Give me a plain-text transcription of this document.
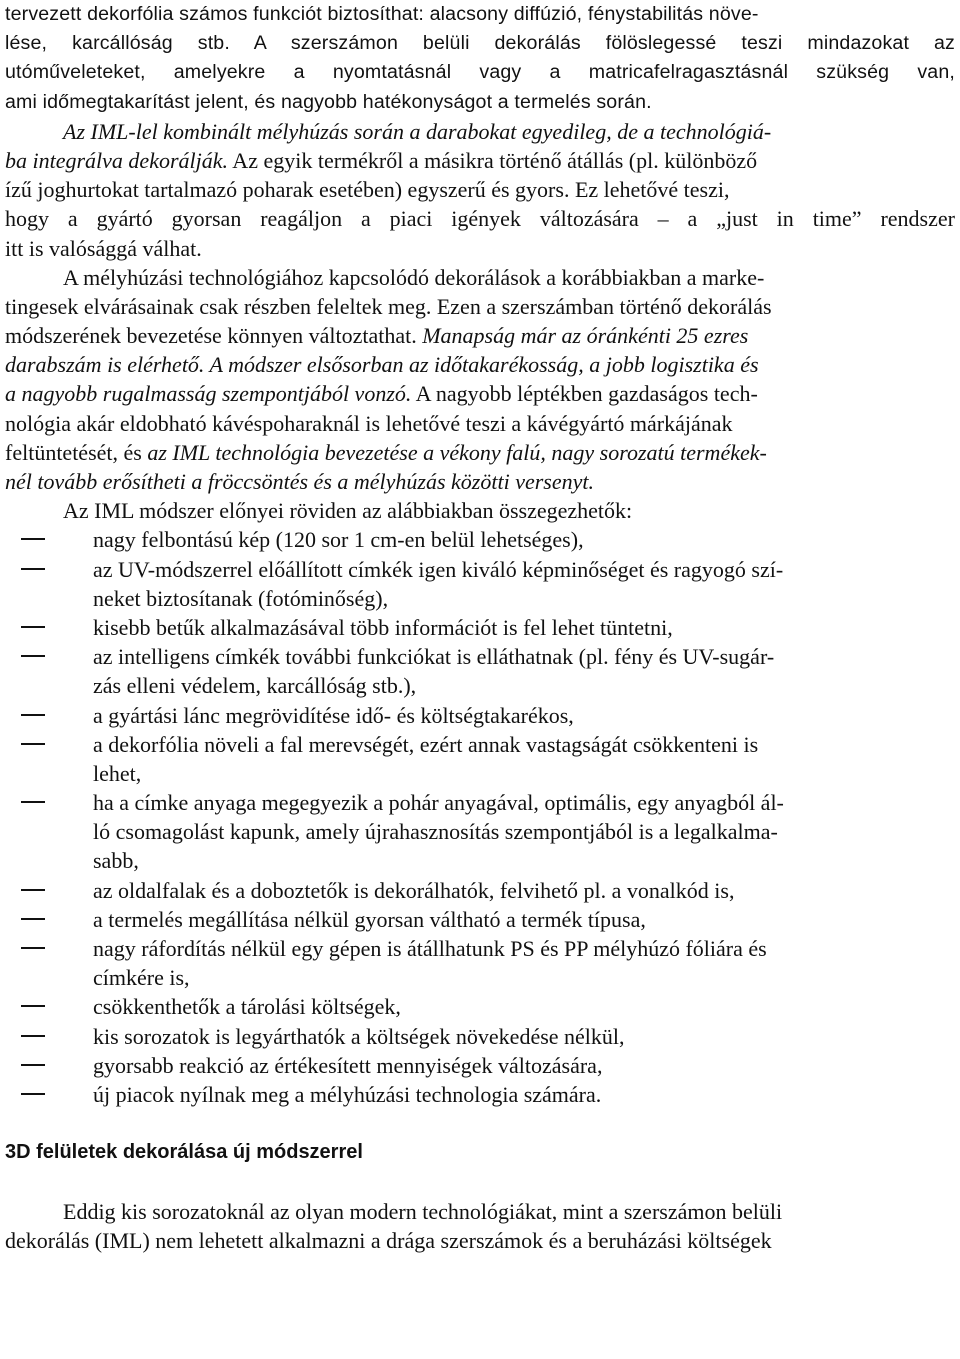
tervezett dekorfólia számos funkciót biztosíthat: alacsony diffúzió, fénystabilitás növe-
lése, karcállóság stb. A szerszámon belüli dekorálás fölöslegessé teszi mindazokat az
utóműveleteket, amelyekre a nyomtatásnál vagy a matricafelragasztásnál szükség van,
ami időmegtakarítást jelent, és nagyobb hatékonyságot a termelés során.
Az IML-lel kombinált mélyhúzás során a darabokat egyedileg, de a technológiá-
ba integrálva dekorálják. Az egyik termékről a másikra történő átállás (pl. különböző
ízű joghurtokat tartalmazó poharak esetében) egyszerű és gyors. Ez lehetővé teszi,
hogy a gyártó gyorsan reagáljon a piaci igények változására – a „just in time” rendszer
itt is valósággá válhat.
A mélyhúzási technológiához kapcsolódó dekorálások a korábbiakban a marke-
tingesek elvárásainak csak részben feleltek meg. Ezen a szerszámban történő dekorálás
módszerének bevezetése könnyen változtathat. Manapság már az óránkénti 25 ezres
darabszám is elérhető. A módszer elsősorban az időtakarékosság, a jobb logisztika és
a nagyobb rugalmasság szempontjából vonzó. A nagyobb léptékben gazdaságos tech-
nológia akár eldobható kávéspoharaknál is lehetővé teszi a kávégyártó márkájának
feltüntetését, és az IML technológia bevezetése a vékony falú, nagy sorozatú termékek-
nél tovább erősítheti a fröccsöntés és a mélyhúzás közötti versenyt.
Az IML módszer előnyei röviden az alábbiakban összegezhetők:
nagy felbontású kép (120 sor 1 cm-en belül lehetséges),
az UV-módszerrel előállított címkék igen kiváló képminőséget és ragyogó szí-
neket biztosítanak (fotóminőség),
kisebb betűk alkalmazásával több információt is fel lehet tüntetni,
az intelligens címkék további funkciókat is elláthatnak (pl. fény és UV-sugár-
zás elleni védelem, karcállóság stb.),
a gyártási lánc megrövidítése idő- és költségtakarékos,
a dekorfólia növeli a fal merevségét, ezért annak vastagságát csökkenteni is
lehet,
ha a címke anyaga megegyezik a pohár anyagával, optimális, egy anyagból ál-
ló csomagolást kapunk, amely újrahasznosítás szempontjából is a legalkalma-
sabb,
az oldalfalak és a doboztetők is dekorálhatók, felvihető pl. a vonalkód is,
a termelés megállítása nélkül gyorsan váltható a termék típusa,
nagy ráfordítás nélkül egy gépen is átállhatunk PS és PP mélyhúzó fóliára és
címkére is,
csökkenthetők a tárolási költségek,
kis sorozatok is legyárthatók a költségek növekedése nélkül,
gyorsabb reakció az értékesített mennyiségek változására,
új piacok nyílnak meg a mélyhúzási technologia számára.
3D felületek dekorálása új módszerrel
Eddig kis sorozatoknál az olyan modern technológiákat, mint a szerszámon belüli
dekorálás (IML) nem lehetett alkalmazni a drága szerszámok és a beruházási költségek
